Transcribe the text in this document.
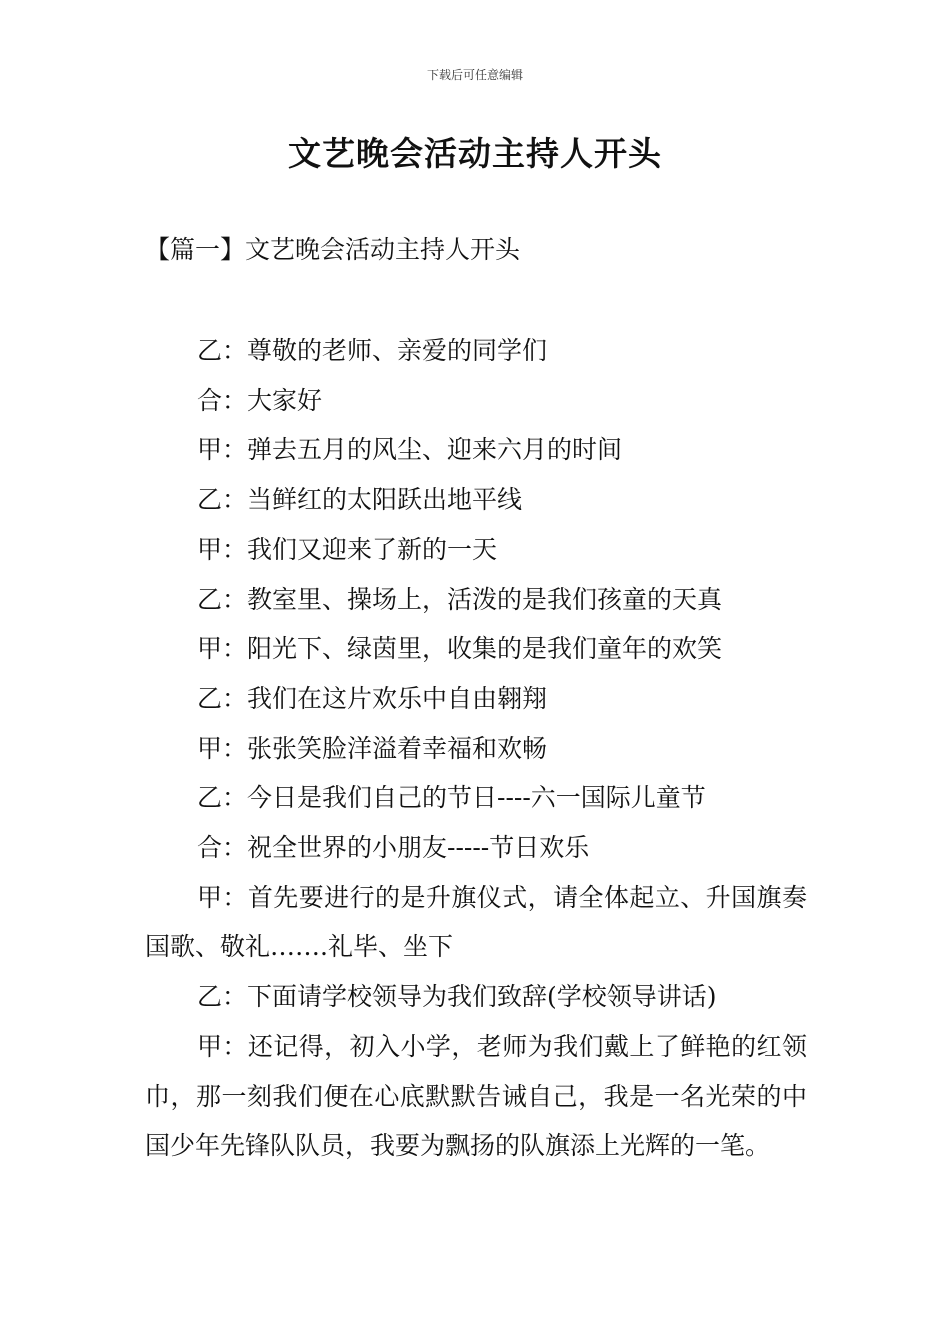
下载后可任意编辑
文艺晚会活动主持人开头
【篇一】文艺晚会活动主持人开头

乙：尊敬的老师、亲爱的同学们

合：大家好

甲：弹去五月的风尘、迎来六月的时间

乙：当鲜红的太阳跃出地平线

甲：我们又迎来了新的一天

乙：教室里、操场上，活泼的是我们孩童的天真

甲：阳光下、绿茵里，收集的是我们童年的欢笑

乙：我们在这片欢乐中自由翱翔

甲：张张笑脸洋溢着幸福和欢畅

乙：今日是我们自己的节日----六一国际儿童节

合：祝全世界的小朋友-----节日欢乐

甲：首先要进行的是升旗仪式，请全体起立、升国旗奏国歌、敬礼…….礼毕、坐下

乙：下面请学校领导为我们致辞(学校领导讲话)

甲：还记得，初入小学，老师为我们戴上了鲜艳的红领巾，那一刻我们便在心底默默告诫自己，我是一名光荣的中国少年先锋队队员，我要为飘扬的队旗添上光辉的一笔。
